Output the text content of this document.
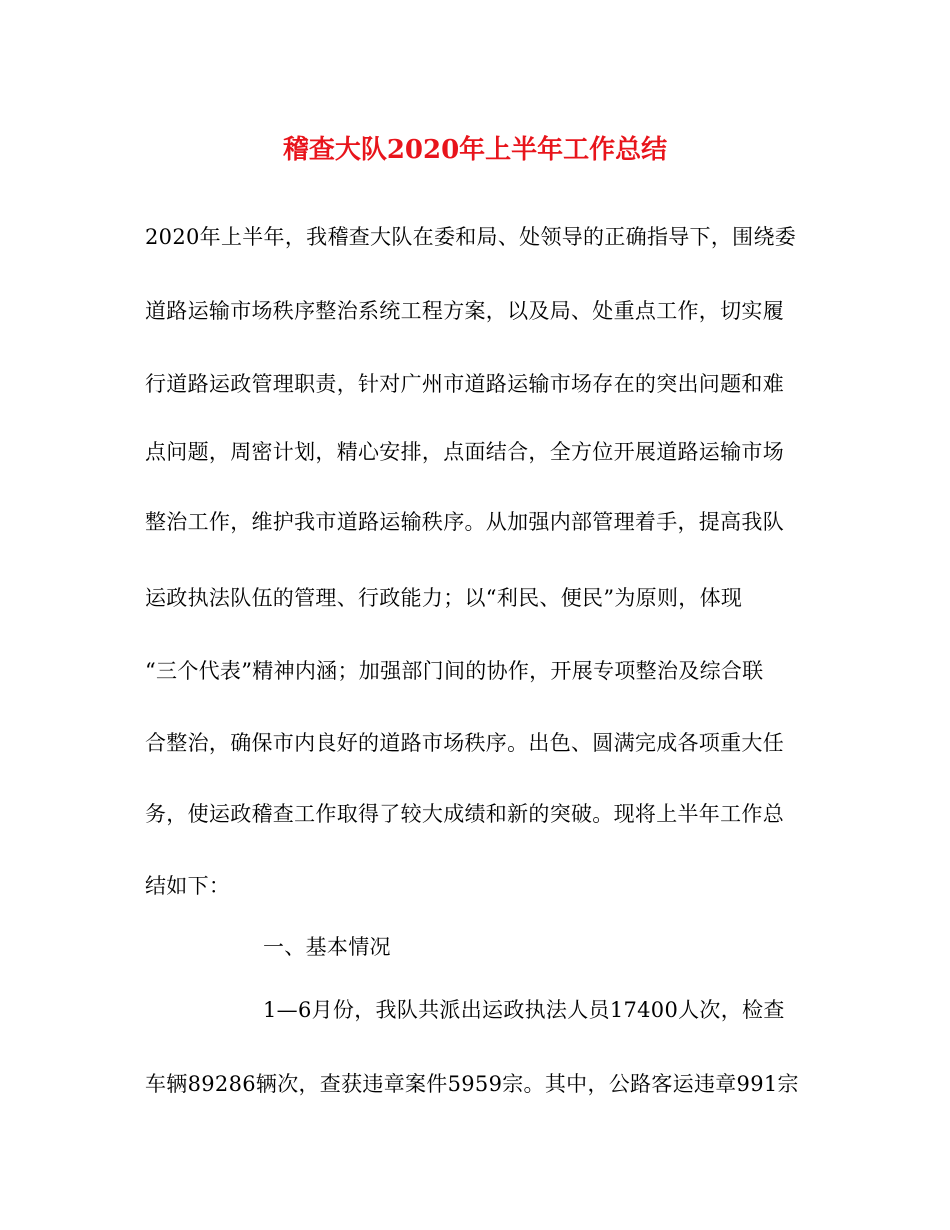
稽查大队2020年上半年工作总结
2020年上半年，我稽查大队在委和局、处领导的正确指导下，围绕委
道路运输市场秩序整治系统工程方案，以及局、处重点工作，切实履
行道路运政管理职责，针对广州市道路运输市场存在的突出问题和难
点问题，周密计划，精心安排，点面结合，全方位开展道路运输市场
整治工作，维护我市道路运输秩序。从加强内部管理着手，提高我队
运政执法队伍的管理、行政能力；以“利民、便民”为原则，体现
“三个代表”精神内涵；加强部门间的协作，开展专项整治及综合联
合整治，确保市内良好的道路市场秩序。出色、圆满完成各项重大任
务，使运政稽查工作取得了较大成绩和新的突破。现将上半年工作总
结如下：
一、基本情况
1—6月份，我队共派出运政执法人员17400人次，检查
车辆89286辆次，查获违章案件5959宗。其中，公路客运违章991宗
